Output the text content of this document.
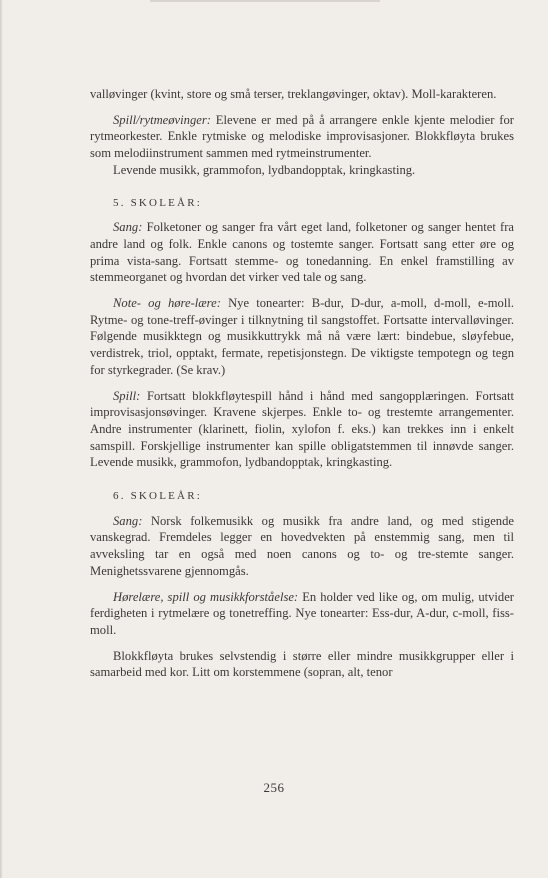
valløvinger (kvint, store og små terser, treklangøvinger, oktav). Moll-karakteren.

Spill/rytmeøvinger: Elevene er med på å arrangere enkle kjente melodier for rytmeorkester. Enkle rytmiske og melodiske improvisasjoner. Blokkfløyta brukes som melodiinstrument sammen med rytmeinstrumenter.

Levende musikk, grammofon, lydbandopptak, kringkasting.

5. SKOLEÅR:

Sang: Folketoner og sanger fra vårt eget land, folketoner og sanger hentet fra andre land og folk. Enkle canons og tostemte sanger. Fortsatt sang etter øre og prima vista-sang. Fortsatt stemme- og tonedanning. En enkel framstilling av stemmeorganet og hvordan det virker ved tale og sang.

Note- og høre-lære: Nye tonearter: B-dur, D-dur, a-moll, d-moll, e-moll. Rytme- og tone-treff-øvinger i tilknytning til sangstoffet. Fortsatte intervalløvinger. Følgende musikktegn og musikkuttrykk må nå være lært: bindebue, sløyfebue, verdistrek, triol, opptakt, fermate, repetisjonstegn. De viktigste tempotegn og tegn for styrkegrader. (Se krav.)

Spill: Fortsatt blokkfløytespill hånd i hånd med sangopplæringen. Fortsatt improvisasjonsøvinger. Kravene skjerpes. Enkle to- og trestemte arrangementer. Andre instrumenter (klarinett, fiolin, xylofon f. eks.) kan trekkes inn i enkelt samspill. Forskjellige instrumenter kan spille obligatstemmen til innøvde sanger. Levende musikk, grammofon, lydbandopptak, kringkasting.

6. SKOLEÅR:

Sang: Norsk folkemusikk og musikk fra andre land, og med stigende vanskegrad. Fremdeles legger en hovedvekten på enstemmig sang, men til avveksling tar en også med noen canons og to- og tre-stemte sanger. Menighetssvarene gjennomgås.

Hørelære, spill og musikkforståelse: En holder ved like og, om mulig, utvider ferdigheten i rytmelære og tonetreffing. Nye tonearter: Ess-dur, A-dur, c-moll, fiss-moll.

Blokkfløyta brukes selvstendig i større eller mindre musikkgrupper eller i samarbeid med kor. Litt om korstemmene (sopran, alt, tenor

256
